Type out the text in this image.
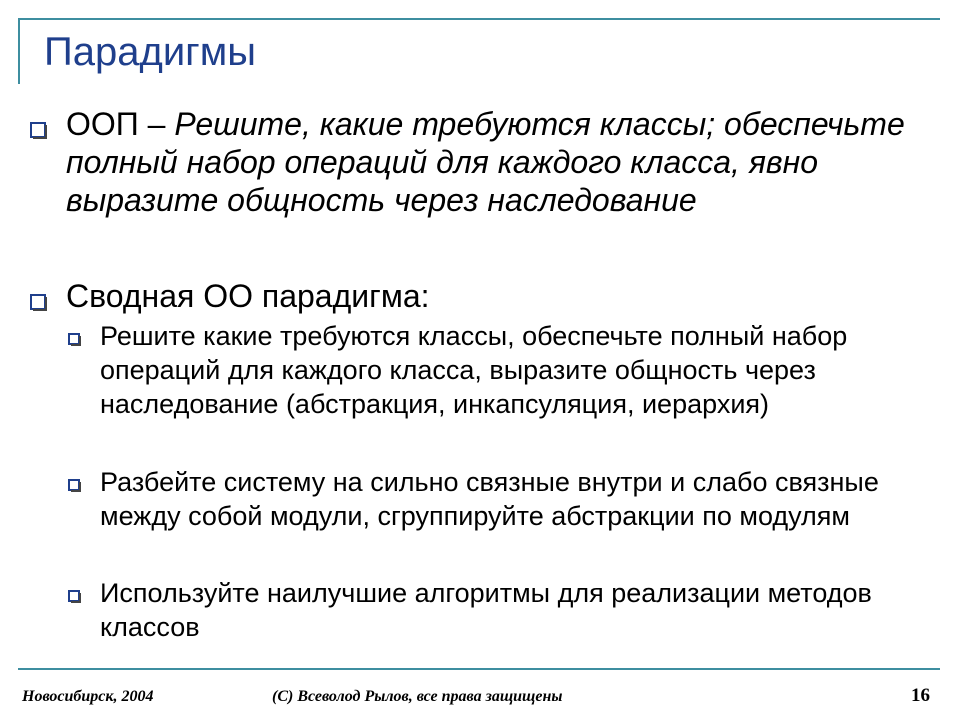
Парадигмы
ООП – Решите, какие требуются классы; обеспечьте полный набор операций для каждого класса, явно выразите общность через наследование
Сводная ОО парадигма:
Решите какие требуются классы, обеспечьте полный набор операций для каждого класса, выразите общность через наследование (абстракция, инкапсуляция, иерархия)
Разбейте систему на сильно связные внутри и слабо связные между собой модули, сгруппируйте абстракции по модулям
Используйте наилучшие алгоритмы для реализации методов классов
Новосибирск, 2004	(C) Всеволод Рылов, все права защищены	16
